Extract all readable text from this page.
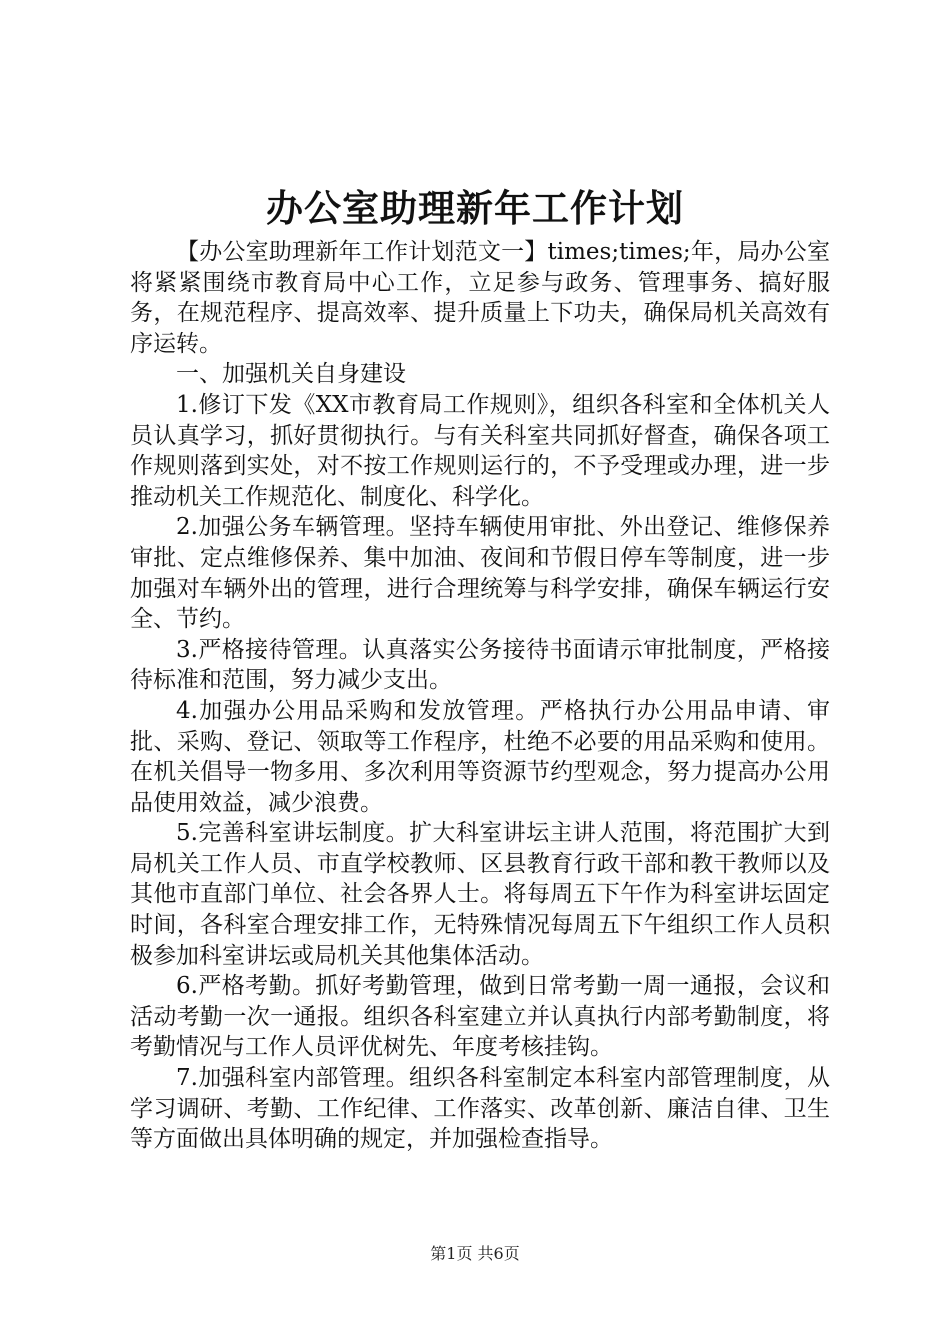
办公室助理新年工作计划

【办公室助理新年工作计划范文一】times;times;年，局办公室将紧紧围绕市教育局中心工作，立足参与政务、管理事务、搞好服务，在规范程序、提高效率、提升质量上下功夫，确保局机关高效有序运转。

一、加强机关自身建设

1.修订下发《XX市教育局工作规则》，组织各科室和全体机关人员认真学习，抓好贯彻执行。与有关科室共同抓好督查，确保各项工作规则落到实处，对不按工作规则运行的，不予受理或办理，进一步推动机关工作规范化、制度化、科学化。

2.加强公务车辆管理。坚持车辆使用审批、外出登记、维修保养审批、定点维修保养、集中加油、夜间和节假日停车等制度，进一步加强对车辆外出的管理，进行合理统筹与科学安排，确保车辆运行安全、节约。

3.严格接待管理。认真落实公务接待书面请示审批制度，严格接待标准和范围，努力减少支出。

4.加强办公用品采购和发放管理。严格执行办公用品申请、审批、采购、登记、领取等工作程序，杜绝不必要的用品采购和使用。在机关倡导一物多用、多次利用等资源节约型观念，努力提高办公用品使用效益，减少浪费。

5.完善科室讲坛制度。扩大科室讲坛主讲人范围，将范围扩大到局机关工作人员、市直学校教师、区县教育行政干部和教干教师以及其他市直部门单位、社会各界人士。将每周五下午作为科室讲坛固定时间，各科室合理安排工作，无特殊情况每周五下午组织工作人员积极参加科室讲坛或局机关其他集体活动。

6.严格考勤。抓好考勤管理，做到日常考勤一周一通报，会议和活动考勤一次一通报。组织各科室建立并认真执行内部考勤制度，将考勤情况与工作人员评优树先、年度考核挂钩。

7.加强科室内部管理。组织各科室制定本科室内部管理制度，从学习调研、考勤、工作纪律、工作落实、改革创新、廉洁自律、卫生等方面做出具体明确的规定，并加强检查指导。

第1页 共6页
